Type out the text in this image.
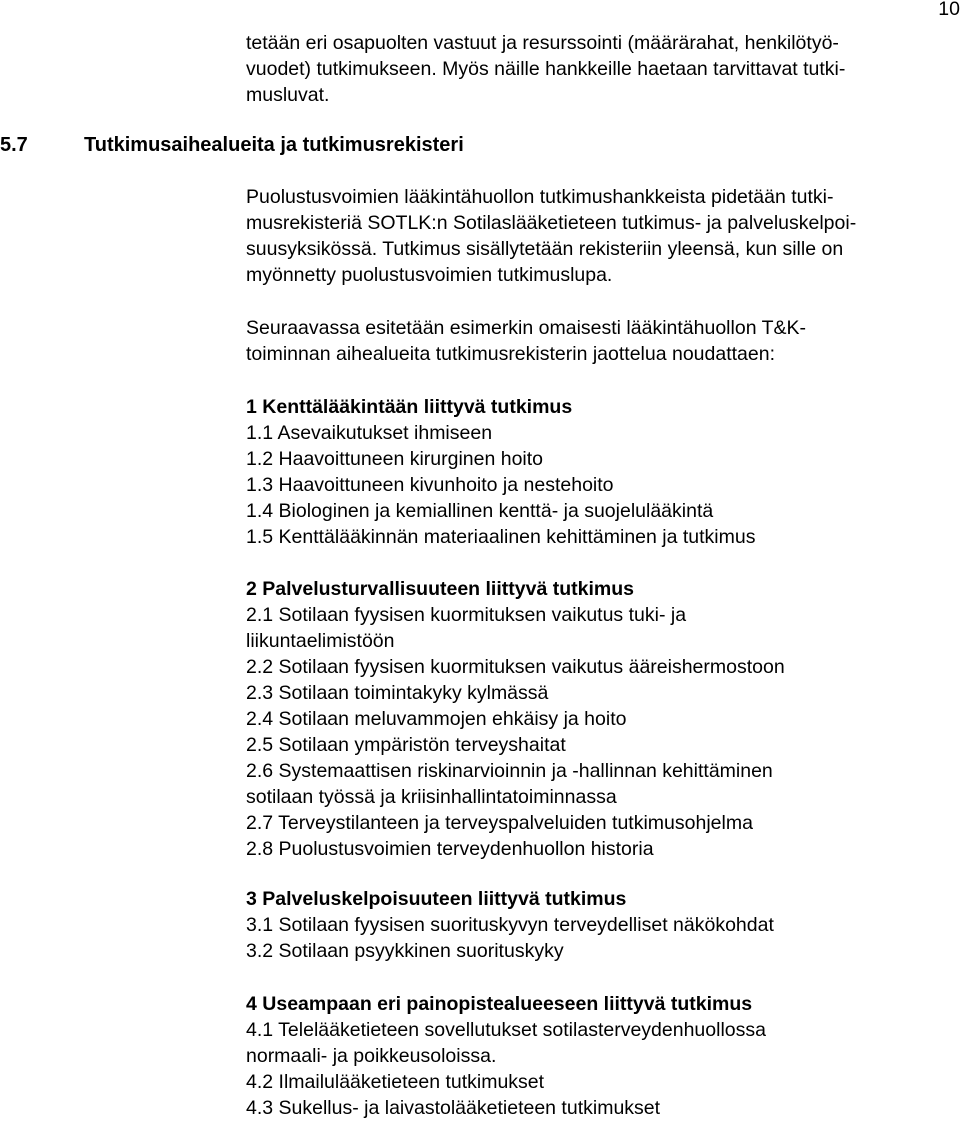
10
tetään eri osapuolten vastuut ja resurssointi (määrärahat, henkilötyö-
vuodet) tutkimukseen. Myös näille hankkeille haetaan tarvittavat tutki-
musluvat.
5.7	Tutkimusaihealueita ja tutkimusrekisteri
Puolustusvoimien lääkintähuollon tutkimushankkeista pidetään tutki-
musrekisteriä SOTLK:n Sotilaslääketieteen tutkimus- ja palveluskelpoi-
suusyksikössä. Tutkimus sisällytetään rekisteriin yleensä, kun sille on
myönnetty puolustusvoimien tutkimuslupa.
Seuraavassa esitetään esimerkin omaisesti lääkintähuollon T&K-
toiminnan aihealueita tutkimusrekisterin jaottelua noudattaen:
1 Kenttälääkintään liittyvä tutkimus
1.1 Asevaikutukset ihmiseen
1.2 Haavoittuneen kirurginen hoito
1.3 Haavoittuneen kivunhoito ja nestehoito
1.4 Biologinen ja kemiallinen kenttä- ja suojelulääkintä
1.5 Kenttälääkinnän materiaalinen kehittäminen ja tutkimus
2 Palvelusturvallisuuteen liittyvä tutkimus
2.1 Sotilaan fyysisen kuormituksen vaikutus tuki- ja
liikuntaelimistöön
2.2 Sotilaan fyysisen kuormituksen vaikutus ääreishermostoon
2.3 Sotilaan toimintakyky kylmässä
2.4 Sotilaan meluvammojen ehkäisy ja hoito
2.5 Sotilaan ympäristön terveyshaitat
2.6 Systemaattisen riskinarvioinnin ja -hallinnan kehittäminen
sotilaan työssä ja kriisinhallintatoiminnassa
2.7 Terveystilanteen ja terveyspalveluiden tutkimusohjelma
2.8 Puolustusvoimien terveydenhuollon historia
3 Palveluskelpoisuuteen liittyvä tutkimus
3.1 Sotilaan fyysisen suorituskyvyn terveydelliset näkökohdat
3.2 Sotilaan psyykkinen suorituskyky
4 Useampaan eri painopistealueeseen liittyvä tutkimus
4.1 Telelääketieteen sovellutukset sotilasterveydenhuollossa
normaali- ja poikkeusoloissa.
4.2 Ilmailulääketieteen tutkimukset
4.3 Sukellus- ja laivastolääketieteen tutkimukset
